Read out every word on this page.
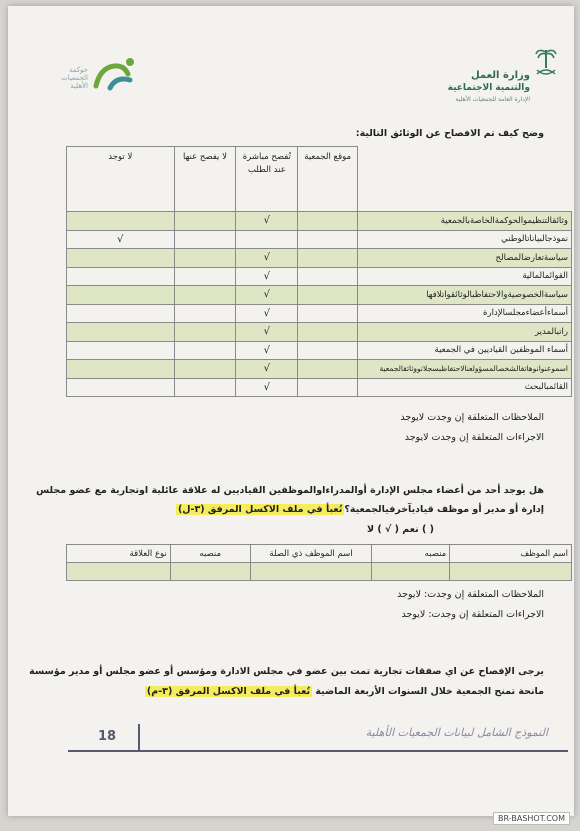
حوكمة الجمعيات الأهلية
وزارة العمل
والتنمية الاجتماعية
الإدارة العامة للجمعيات الأهلية
وضح كيف تم الافصاح عن الوثائق التالية:
	موقع الجمعية	تُفصح مباشرة عند الطلب	لا يفصح عنها	لا توجد
وثائقالتنظيموالحوكمةالخاصةبالجمعية		√		
نموذجالبياناتالوطني				√
سياسةتعارضالمصالح		√		
القوائمالمالية		√		
سياسةالخصوصيةوالاحتفاظبالوثائقواتلافها		√		
أسماءأعضاءمجلسالإدارة		√		
راتبالمدير		√		
أسماء الموظفين القياديين في الجمعية		√		
اسموعنوانوهاتفالشخصالمسؤولعنالاحتفاظبسجلاتووثائقالجمعية		√		
القائمبالبحث		√		
الملاحظات المتعلقة إن وجدت لايوجد
الاجراءات المتعلقة إن وجدت لايوجد
هل يوجد أحد من أعضاء مجلس الإدارة أوالمدراءاوالموظفين القياديين له علاقة عائلية اوتجارية مع عضو مجلس
إدارة أو مدير أو موظف قياديآخرفيالجمعية؟تُعبأ في ملف الاكسل المرفق (٣-ل)
( ) نعم ( √ ) لا
اسم الموظف	منصبه	اسم الموظف ذي الصلة	منصبه	نوع العلاقة

الملاحظات المتعلقة إن وجدت: لايوجد
الاجراءات المتعلقة إن وجدت: لايوجد
يرجى الإفصاح عن اي صفقات تجارية تمت بين عضو في مجلس الادارة ومؤسس أو عضو مجلس أو مدير مؤسسة
مانحة تمنح الجمعية خلال السنوات الأربعة الماضية تُعبأ في ملف الاكسل المرفق (٣-م)
18	النموذج الشامل لبيانات الجمعيات الأهلية
BR-BASHOT.COM
